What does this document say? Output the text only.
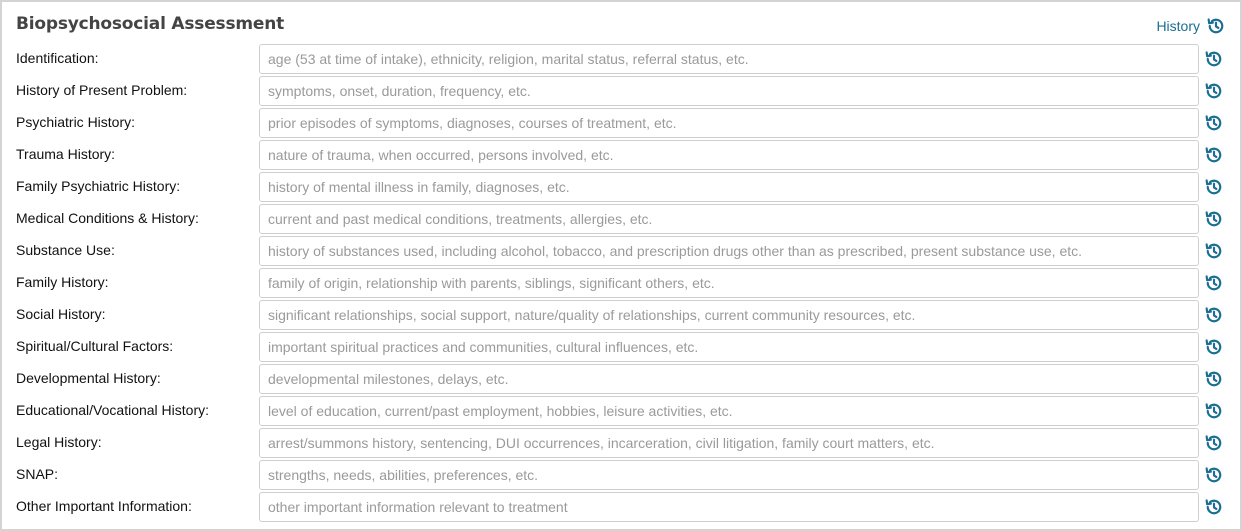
Biopsychosocial Assessment	History
Identification:
age (53 at time of intake), ethnicity, religion, marital status, referral status, etc.
History of Present Problem:
symptoms, onset, duration, frequency, etc.
Psychiatric History:
prior episodes of symptoms, diagnoses, courses of treatment, etc.
Trauma History:
nature of trauma, when occurred, persons involved, etc.
Family Psychiatric History:
history of mental illness in family, diagnoses, etc.
Medical Conditions & History:
current and past medical conditions, treatments, allergies, etc.
Substance Use:
history of substances used, including alcohol, tobacco, and prescription drugs other than as prescribed, present substance use, etc.
Family History:
family of origin, relationship with parents, siblings, significant others, etc.
Social History:
significant relationships, social support, nature/quality of relationships, current community resources, etc.
Spiritual/Cultural Factors:
important spiritual practices and communities, cultural influences, etc.
Developmental History:
developmental milestones, delays, etc.
Educational/Vocational History:
level of education, current/past employment, hobbies, leisure activities, etc.
Legal History:
arrest/summons history, sentencing, DUI occurrences, incarceration, civil litigation, family court matters, etc.
SNAP:
strengths, needs, abilities, preferences, etc.
Other Important Information:
other important information relevant to treatment
